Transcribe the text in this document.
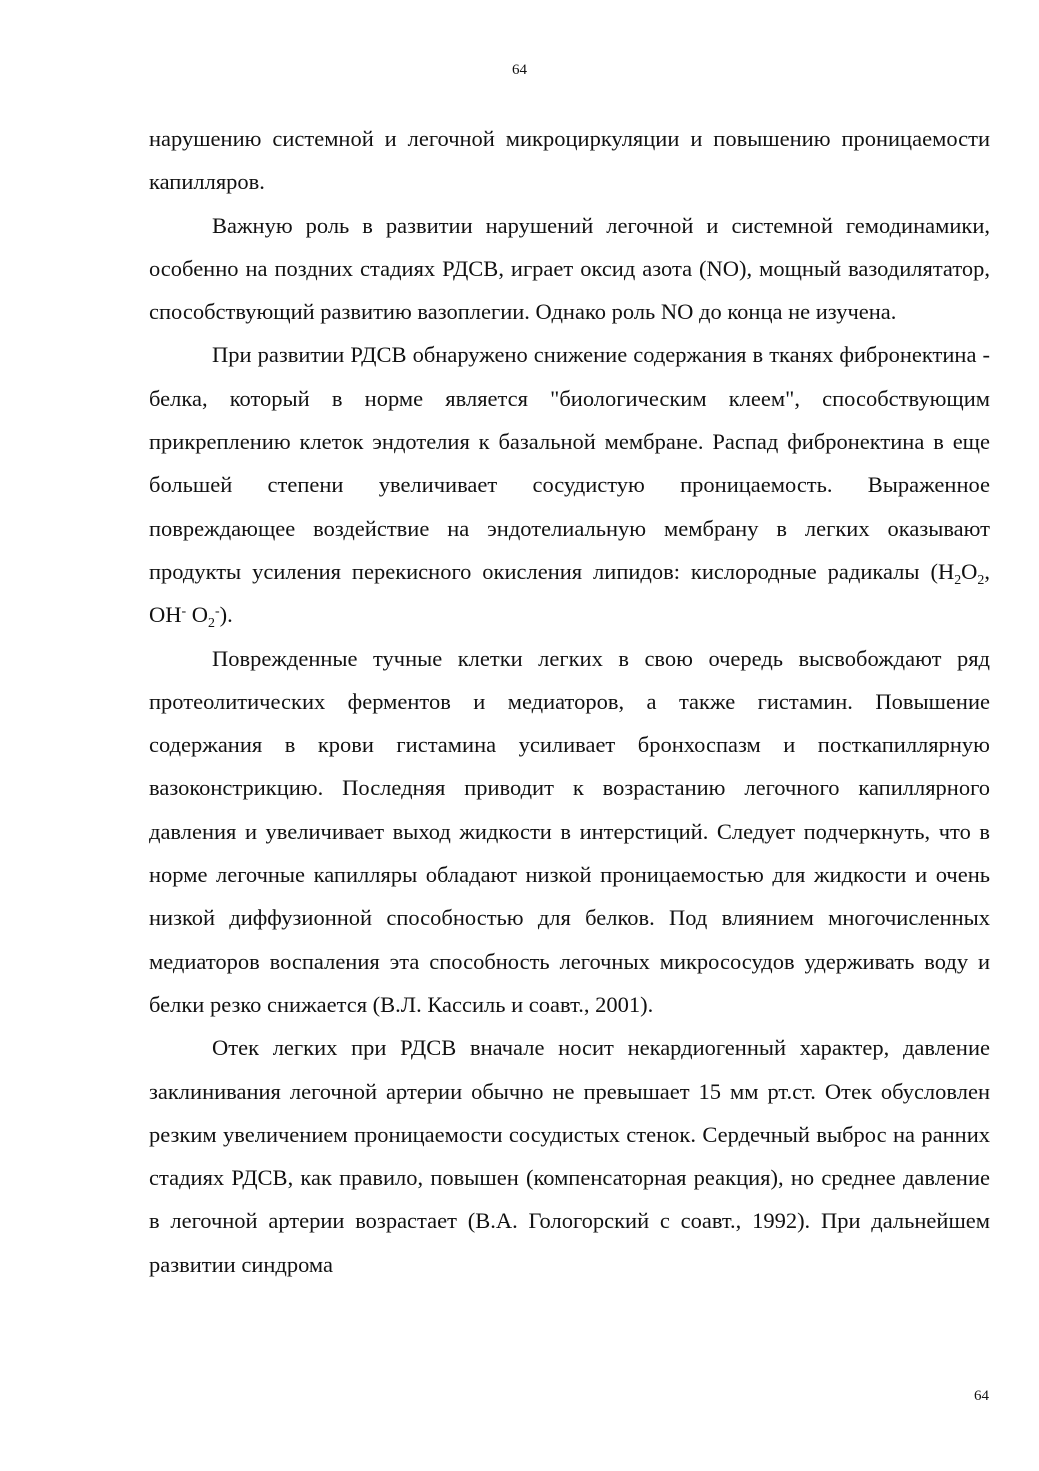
64

нарушению системной и легочной микроциркуляции и повышению проницаемости капилляров.

Важную роль в развитии нарушений легочной и системной гемодинамики, особенно на поздних стадиях РДСВ, играет оксид азота (NO), мощный вазодилятатор, способствующий развитию вазоплегии. Однако роль NO до конца не изучена.

При развитии РДСВ обнаружено снижение содержания в тканях фибронектина - белка, который в норме является "биологическим клеем", способствующим прикреплению клеток эндотелия к базальной мембране. Распад фибронектина в еще большей степени увеличивает сосудистую проницаемость. Выраженное повреждающее воздействие на эндотелиальную мембрану в легких оказывают продукты усиления перекисного окисления липидов: кислородные радикалы ($H_2O_2$, OH- $O_2^-$).

Поврежденные тучные клетки легких в свою очередь высвобождают ряд протеолитических ферментов и медиаторов, а также гистамин. Повышение содержания в крови гистамина усиливает бронхоспазм и посткапиллярную вазоконстрикцию. Последняя приводит к возрастанию легочного капиллярного давления и увеличивает выход жидкости в интерстиций. Следует подчеркнуть, что в норме легочные капилляры обладают низкой проницаемостью для жидкости и очень низкой диффузионной способностью для белков. Под влиянием многочисленных медиаторов воспаления эта способность легочных микрососудов удерживать воду и белки резко снижается (В.Л. Кассиль и соавт., 2001).

Отек легких при РДСВ вначале носит некардиогенный характер, давление заклинивания легочной артерии обычно не превышает 15 мм рт.ст. Отек обусловлен резким увеличением проницаемости сосудистых стенок. Сердечный выброс на ранних стадиях РДСВ, как правило, повышен (компенсаторная реакция), но среднее давление в легочной артерии возрастает (В.А. Гологорский с соавт., 1992). При дальнейшем развитии синдрома

64
